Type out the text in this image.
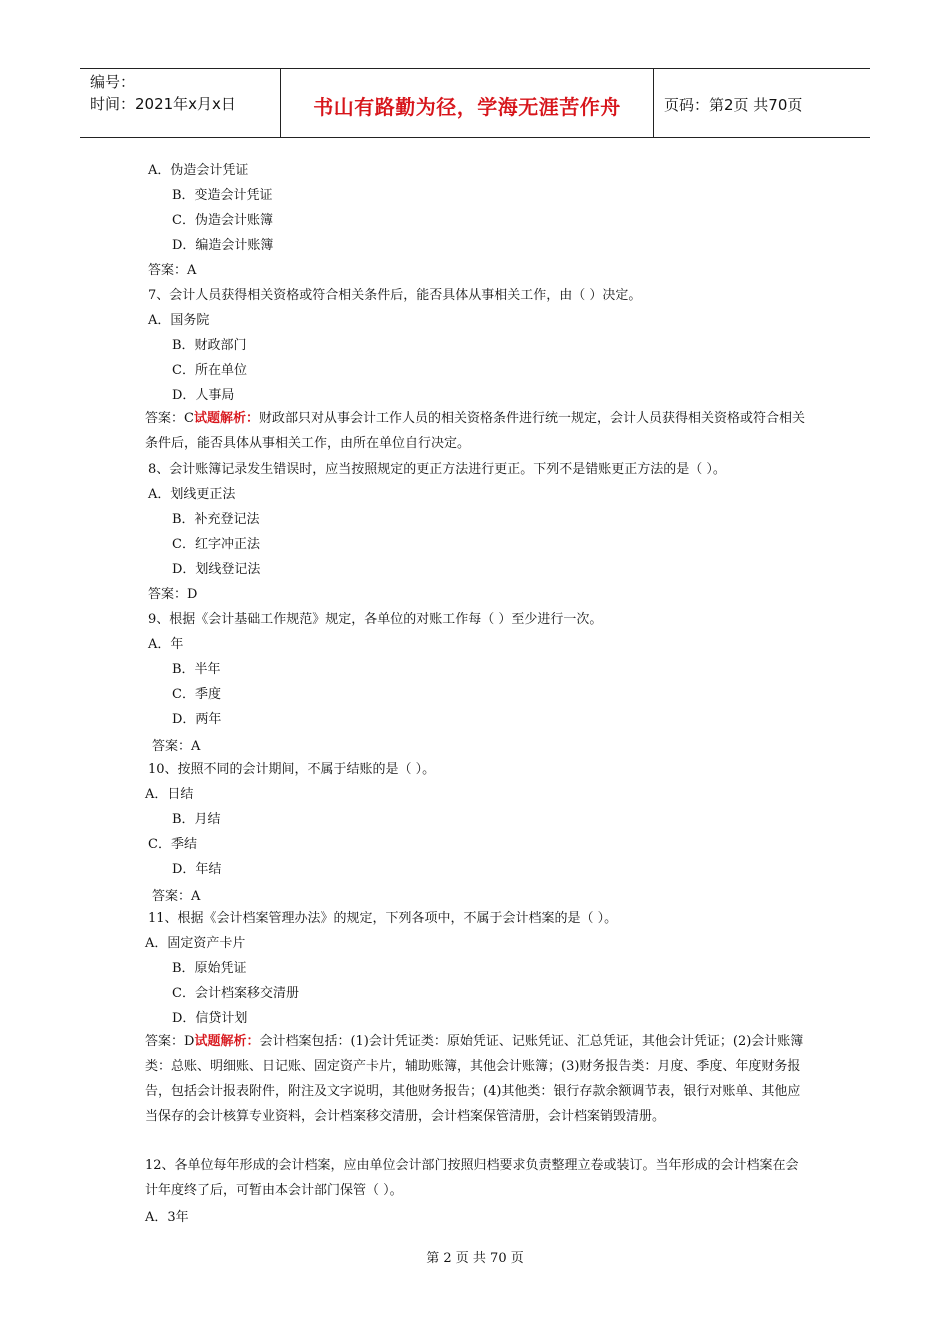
编号：
时间：2021年x月x日	书山有路勤为径，学海无涯苦作舟	页码：第2页 共70页
A．伪造会计凭证
B．变造会计凭证
C．伪造会计账簿
D．编造会计账簿
答案：A
7、会计人员获得相关资格或符合相关条件后，能否具体从事相关工作，由（ ）决定。
A．国务院
B．财政部门
C．所在单位
D．人事局
答案：C试题解析：财政部只对从事会计工作人员的相关资格条件进行统一规定，会计人员获得相关资格或符合相关条件后，能否具体从事相关工作，由所在单位自行决定。
8、会计账簿记录发生错误时，应当按照规定的更正方法进行更正。下列不是错账更正方法的是（ ）。
A．划线更正法
B．补充登记法
C．红字冲正法
D．划线登记法
答案：D
9、根据《会计基础工作规范》规定，各单位的对账工作每（ ）至少进行一次。
A．年
B．半年
C．季度
D．两年
答案：A
10、按照不同的会计期间，不属于结账的是（ ）。
A．日结
B．月结
C．季结
D．年结
答案：A
11、根据《会计档案管理办法》的规定，下列各项中，不属于会计档案的是（ ）。
A．固定资产卡片
B．原始凭证
C．会计档案移交清册
D．信贷计划
答案：D试题解析：会计档案包括：(1)会计凭证类：原始凭证、记账凭证、汇总凭证，其他会计凭证；(2)会计账簿类：总账、明细账、日记账、固定资产卡片，辅助账簿，其他会计账簿；(3)财务报告类：月度、季度、年度财务报告，包括会计报表附件，附注及文字说明，其他财务报告；(4)其他类：银行存款余额调节表，银行对账单、其他应当保存的会计核算专业资料，会计档案移交清册，会计档案保管清册，会计档案销毁清册。
12、各单位每年形成的会计档案，应由单位会计部门按照归档要求负责整理立卷或装订。当年形成的会计档案在会计年度终了后，可暂由本会计部门保管（ ）。
A．3年
第 2 页 共 70 页
